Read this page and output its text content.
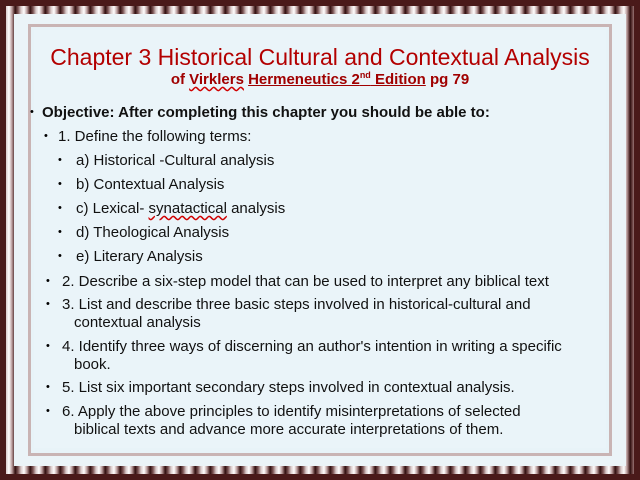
Chapter 3 Historical Cultural and Contextual Analysis
of Virklers Hermeneutics 2nd Edition pg 79
• Objective: After completing this chapter you should be able to:
• 1. Define the following terms:
• a) Historical -Cultural analysis
• b) Contextual Analysis
• c) Lexical- synatactical analysis
• d) Theological Analysis
• e) Literary Analysis
• 2. Describe a six-step model that can be used to interpret any biblical text
• 3. List and describe three basic steps involved in historical-cultural and
contextual analysis
• 4. Identify three ways of discerning an author's intention in writing a specific
book.
• 5. List six important secondary steps involved in contextual analysis.
• 6. Apply the above principles to identify misinterpretations of selected
biblical texts and advance more accurate interpretations of them.
